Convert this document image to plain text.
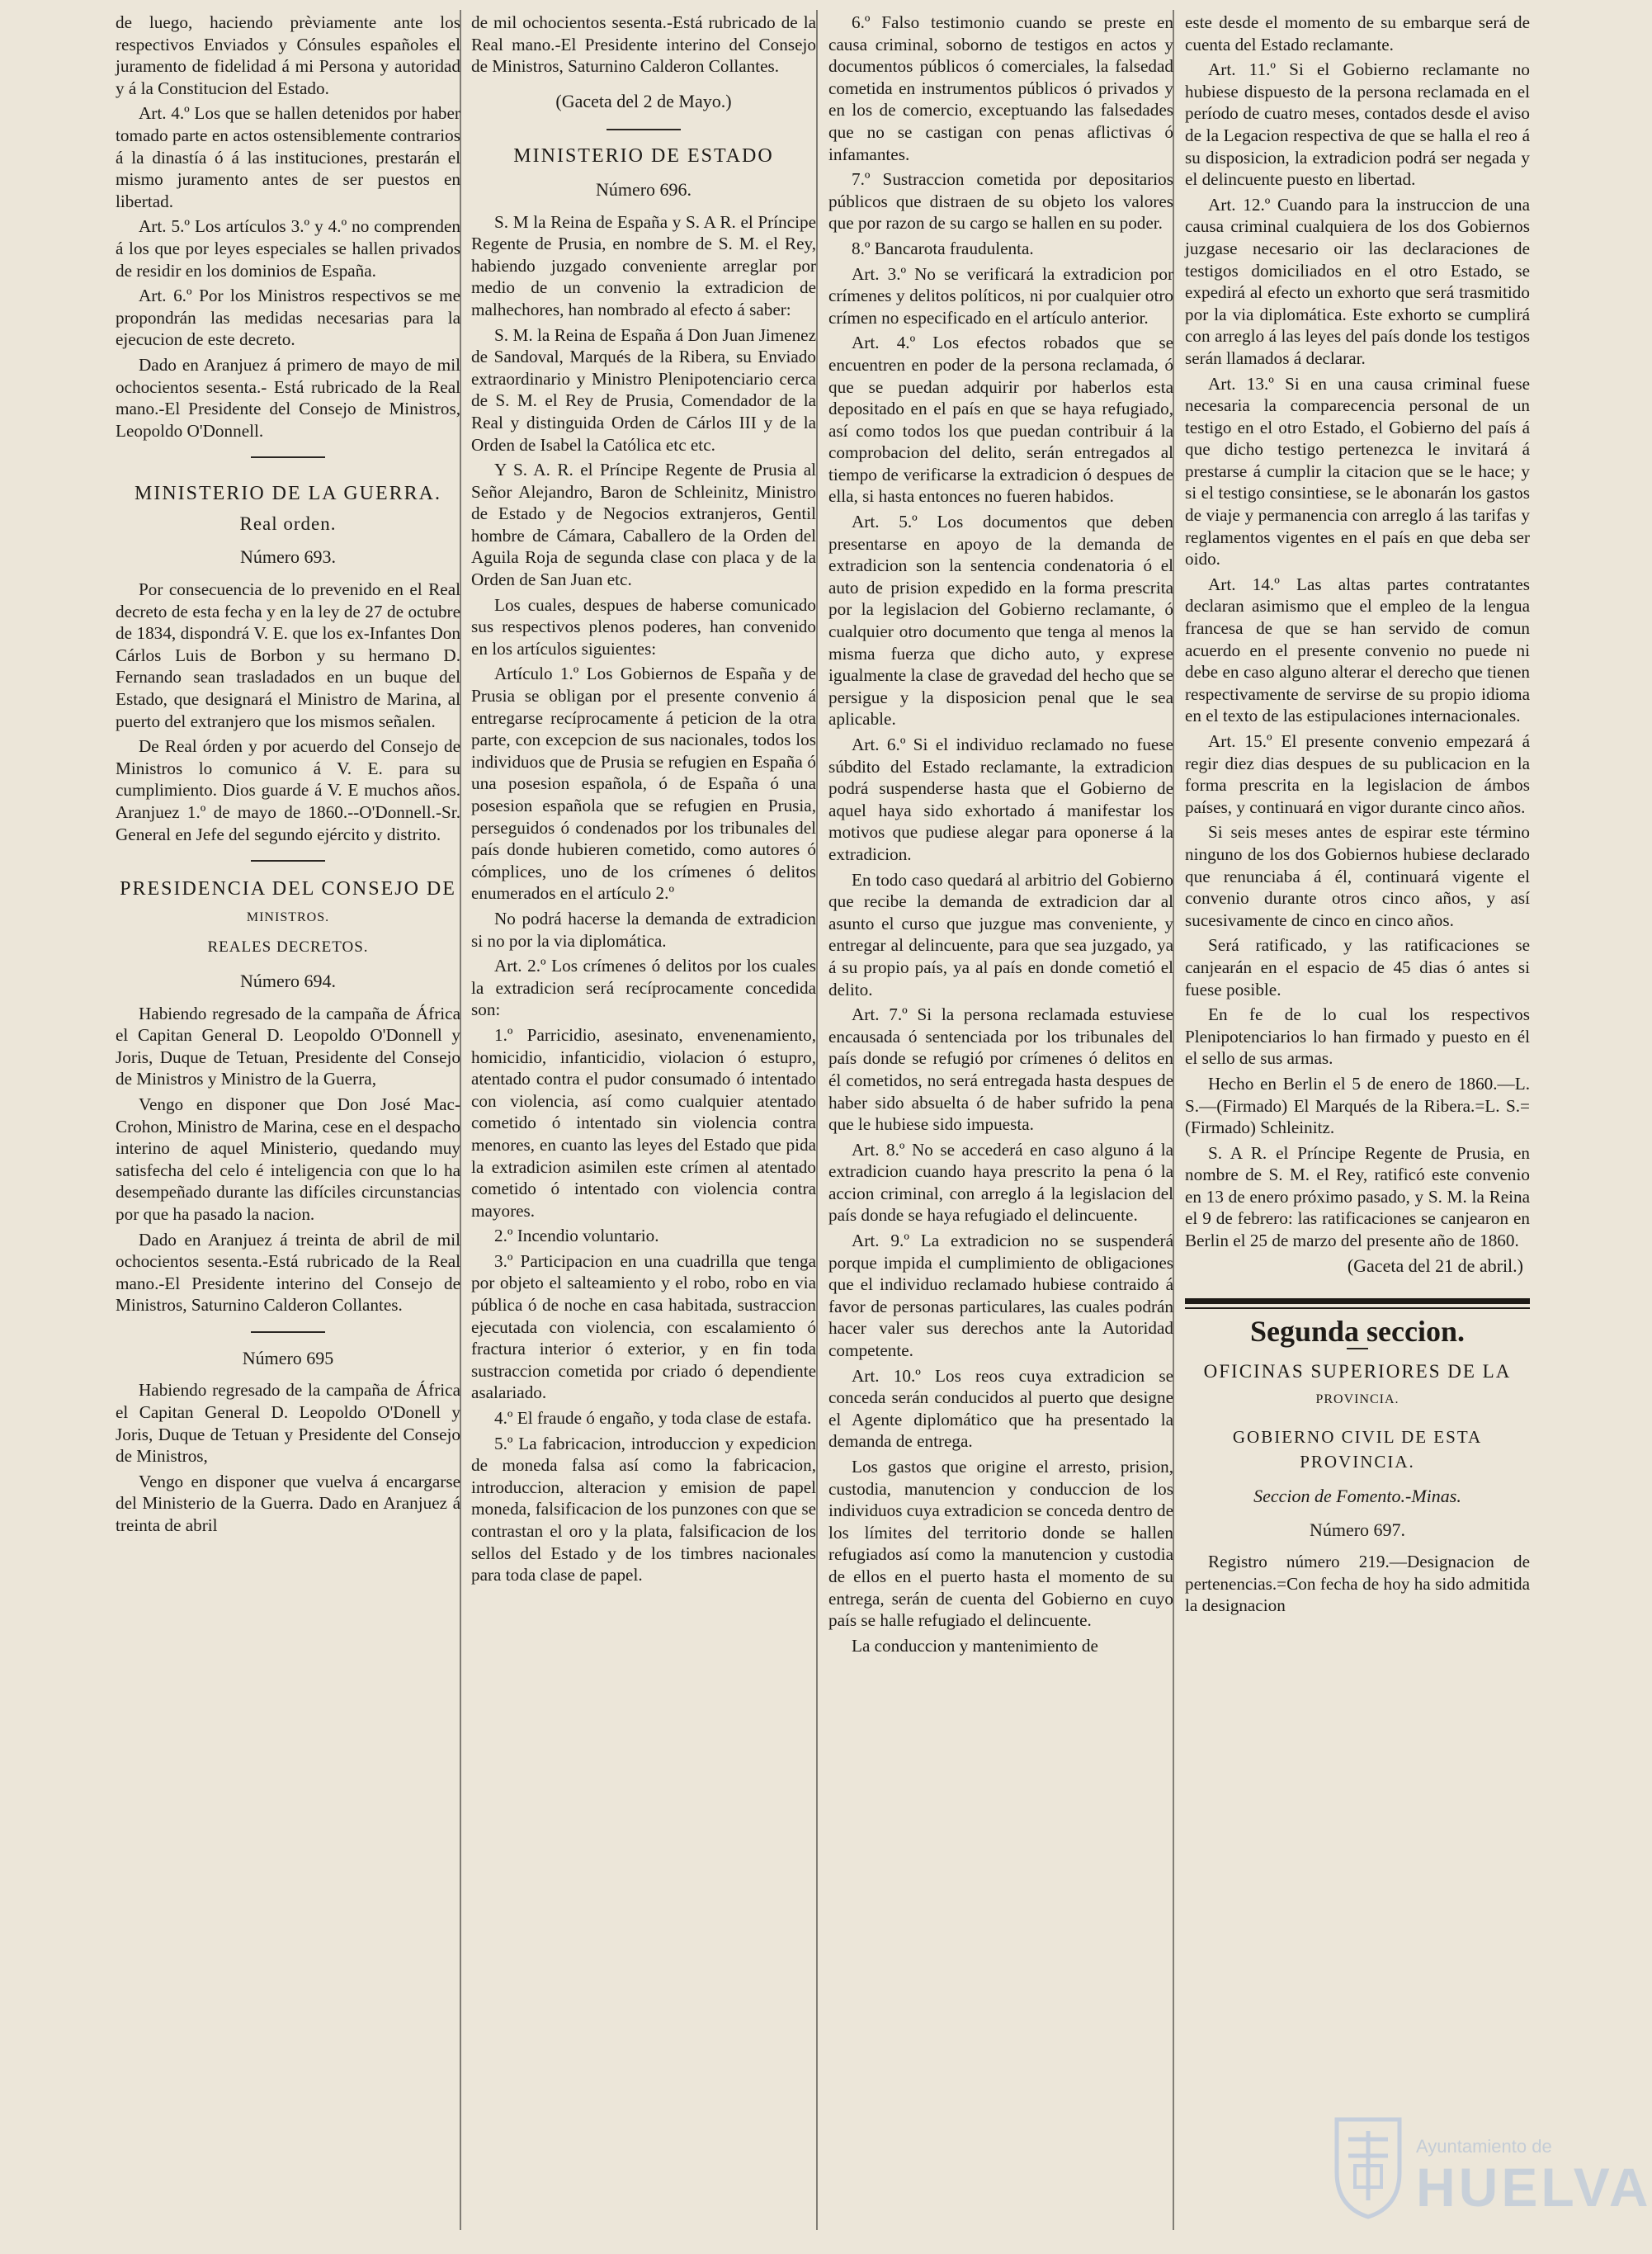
de luego, haciendo prèviamente ante los respectivos Enviados y Cónsules españoles el juramento de fidelidad á mi Persona y autoridad y á la Constitucion del Estado.

Art. 4.º Los que se hallen detenidos por haber tomado parte en actos ostensiblemente contrarios á la dinastía ó á las instituciones, prestarán el mismo juramento antes de ser puestos en libertad.

Art. 5.º Los artículos 3.º y 4.º no comprenden á los que por leyes especiales se hallen privados de residir en los dominios de España.

Art. 6.º Por los Ministros respectivos se me propondrán las medidas necesarias para la ejecucion de este decreto.

Dado en Aranjuez á primero de mayo de mil ochocientos sesenta.- Está rubricado de la Real mano.-El Presidente del Consejo de Ministros, Leopoldo O'Donnell.

MINISTERIO DE LA GUERRA.
Real orden.
Número 693.

Por consecuencia de lo prevenido en el Real decreto de esta fecha y en la ley de 27 de octubre de 1834, dispondrá V. E. que los ex-Infantes Don Cárlos Luis de Borbon y su hermano D. Fernando sean trasladados en un buque del Estado, que designará el Ministro de Marina, al puerto del extranjero que los mismos señalen.

De Real órden y por acuerdo del Consejo de Ministros lo comunico á V. E. para su cumplimiento. Dios guarde á V. E muchos años. Aranjuez 1.º de mayo de 1860.--O'Donnell.-Sr. General en Jefe del segundo ejército y distrito.

PRESIDENCIA DEL CONSEJO DE
MINISTROS.
REALES DECRETOS.
Número 694.

Habiendo regresado de la campaña de África el Capitan General D. Leopoldo O'Donnell y Joris, Duque de Tetuan, Presidente del Consejo de Ministros y Ministro de la Guerra,

Vengo en disponer que Don José Mac-Crohon, Ministro de Marina, cese en el despacho interino de aquel Ministerio, quedando muy satisfecha del celo é inteligencia con que lo ha desempeñado durante las difíciles circunstancias por que ha pasado la nacion.

Dado en Aranjuez á treinta de abril de mil ochocientos sesenta.-Está rubricado de la Real mano.-El Presidente interino del Consejo de Ministros, Saturnino Calderon Collantes.

Número 695

Habiendo regresado de la campaña de África el Capitan General D. Leopoldo O'Donell y Joris, Duque de Tetuan y Presidente del Consejo de Ministros,

Vengo en disponer que vuelva á encargarse del Ministerio de la Guerra. Dado en Aranjuez á treinta de abril

de mil ochocientos sesenta.-Está rubricado de la Real mano.-El Presidente interino del Consejo de Ministros, Saturnino Calderon Collantes.

(Gaceta del 2 de Mayo.)
MINISTERIO DE ESTADO
Número 696.

S. M la Reina de España y S. A R. el Príncipe Regente de Prusia, en nombre de S. M. el Rey, habiendo juzgado conveniente arreglar por medio de un convenio la extradicion de malhechores, han nombrado al efecto á saber:

S. M. la Reina de España á Don Juan Jimenez de Sandoval, Marqués de la Ribera, su Enviado extraordinario y Ministro Plenipotenciario cerca de S. M. el Rey de Prusia, Comendador de la Real y distinguida Orden de Cárlos III y de la Orden de Isabel la Católica etc etc.

Y S. A. R. el Príncipe Regente de Prusia al Señor Alejandro, Baron de Schleinitz, Ministro de Estado y de Negocios extranjeros, Gentil hombre de Cámara, Caballero de la Orden del Aguila Roja de segunda clase con placa y de la Orden de San Juan etc.

Los cuales, despues de haberse comunicado sus respectivos plenos poderes, han convenido en los artículos siguientes:

Artículo 1.º Los Gobiernos de España y de Prusia se obligan por el presente convenio á entregarse recíprocamente á peticion de la otra parte, con excepcion de sus nacionales, todos los individuos que de Prusia se refugien en España ó una posesion española, ó de España ó una posesion española que se refugien en Prusia, perseguidos ó condenados por los tribunales del país donde hubieren cometido, como autores ó cómplices, uno de los crímenes ó delitos enumerados en el artículo 2.º

No podrá hacerse la demanda de extradicion si no por la via diplomática.

Art. 2.º Los crímenes ó delitos por los cuales la extradicion será recíprocamente concedida son:

1.º Parricidio, asesinato, envenenamiento, homicidio, infanticidio, violacion ó estupro, atentado contra el pudor consumado ó intentado con violencia, así como cualquier atentado cometido ó intentado sin violencia contra menores, en cuanto las leyes del Estado que pida la extradicion asimilen este crímen al atentado cometido ó intentado con violencia contra mayores.

2.º Incendio voluntario.

3.º Participacion en una cuadrilla que tenga por objeto el salteamiento y el robo, robo en via pública ó de noche en casa habitada, sustraccion ejecutada con violencia, con escalamiento ó fractura interior ó exterior, y en fin toda sustraccion cometida por criado ó dependiente asalariado.

4.º El fraude ó engaño, y toda clase de estafa.

5.º La fabricacion, introduccion y expedicion de moneda falsa así como la fabricacion, introduccion, alteracion y emision de papel moneda, falsificacion de los punzones con que se contrastan el oro y la plata, falsificacion de los sellos del Estado y de los timbres nacionales para toda clase de papel.

6.º Falso testimonio cuando se preste en causa criminal, soborno de testigos en actos y documentos públicos ó comerciales, la falsedad cometida en instrumentos públicos ó privados y en los de comercio, exceptuando las falsedades que no se castigan con penas aflictivas ó infamantes.

7.º Sustraccion cometida por depositarios públicos que distraen de su objeto los valores que por razon de su cargo se hallen en su poder.

8.º Bancarota fraudulenta.

Art. 3.º No se verificará la extradicion por crímenes y delitos políticos, ni por cualquier otro crímen no especificado en el artículo anterior.

Art. 4.º Los efectos robados que se encuentren en poder de la persona reclamada, ó que se puedan adquirir por haberlos esta depositado en el país en que se haya refugiado, así como todos los que puedan contribuir á la comprobacion del delito, serán entregados al tiempo de verificarse la extradicion ó despues de ella, si hasta entonces no fueren habidos.

Art. 5.º Los documentos que deben presentarse en apoyo de la demanda de extradicion son la sentencia condenatoria ó el auto de prision expedido en la forma prescrita por la legislacion del Gobierno reclamante, ó cualquier otro documento que tenga al menos la misma fuerza que dicho auto, y exprese igualmente la clase de gravedad del hecho que se persigue y la disposicion penal que le sea aplicable.

Art. 6.º Si el individuo reclamado no fuese súbdito del Estado reclamante, la extradicion podrá suspenderse hasta que el Gobierno de aquel haya sido exhortado á manifestar los motivos que pudiese alegar para oponerse á la extradicion.

En todo caso quedará al arbitrio del Gobierno que recibe la demanda de extradicion dar al asunto el curso que juzgue mas conveniente, y entregar al delincuente, para que sea juzgado, ya á su propio país, ya al país en donde cometió el delito.

Art. 7.º Si la persona reclamada estuviese encausada ó sentenciada por los tribunales del país donde se refugió por crímenes ó delitos en él cometidos, no será entregada hasta despues de haber sido absuelta ó de haber sufrido la pena que le hubiese sido impuesta.

Art. 8.º No se accederá en caso alguno á la extradicion cuando haya prescrito la pena ó la accion criminal, con arreglo á la legislacion del país donde se haya refugiado el delincuente.

Art. 9.º La extradicion no se suspenderá porque impida el cumplimiento de obligaciones que el individuo reclamado hubiese contraido á favor de personas particulares, las cuales podrán hacer valer sus derechos ante la Autoridad competente.

Art. 10.º Los reos cuya extradicion se conceda serán conducidos al puerto que designe el Agente diplomático que ha presentado la demanda de entrega.

Los gastos que origine el arresto, prision, custodia, manutencion y conduccion de los individuos cuya extradicion se conceda dentro de los límites del territorio donde se hallen refugiados así como la manutencion y custodia de ellos en el puerto hasta el momento de su entrega, serán de cuenta del Gobierno en cuyo país se halle refugiado el delincuente.

La conduccion y mantenimiento de

este desde el momento de su embarque será de cuenta del Estado reclamante.

Art. 11.º Si el Gobierno reclamante no hubiese dispuesto de la persona reclamada en el período de cuatro meses, contados desde el aviso de la Legacion respectiva de que se halla el reo á su disposicion, la extradicion podrá ser negada y el delincuente puesto en libertad.

Art. 12.º Cuando para la instruccion de una causa criminal cualquiera de los dos Gobiernos juzgase necesario oir las declaraciones de testigos domiciliados en el otro Estado, se expedirá al efecto un exhorto que será trasmitido por la via diplomática. Este exhorto se cumplirá con arreglo á las leyes del país donde los testigos serán llamados á declarar.

Art. 13.º Si en una causa criminal fuese necesaria la comparecencia personal de un testigo en el otro Estado, el Gobierno del país á que dicho testigo pertenezca le invitará á prestarse á cumplir la citacion que se le hace; y si el testigo consintiese, se le abonarán los gastos de viaje y permanencia con arreglo á las tarifas y reglamentos vigentes en el país en que deba ser oido.

Art. 14.º Las altas partes contratantes declaran asimismo que el empleo de la lengua francesa de que se han servido de comun acuerdo en el presente convenio no puede ni debe en caso alguno alterar el derecho que tienen respectivamente de servirse de su propio idioma en el texto de las estipulaciones internacionales.

Art. 15.º El presente convenio empezará á regir diez dias despues de su publicacion en la forma prescrita en la legislacion de ámbos países, y continuará en vigor durante cinco años.

Si seis meses antes de espirar este término ninguno de los dos Gobiernos hubiese declarado que renunciaba á él, continuará vigente el convenio durante otros cinco años, y así sucesivamente de cinco en cinco años.

Será ratificado, y las ratificaciones se canjearán en el espacio de 45 dias ó antes si fuese posible.

En fe de lo cual los respectivos Plenipotenciarios lo han firmado y puesto en él el sello de sus armas.

Hecho en Berlin el 5 de enero de 1860.—L. S.—(Firmado) El Marqués de la Ribera.=L. S.=(Firmado) Schleinitz.

S. A R. el Príncipe Regente de Prusia, en nombre de S. M. el Rey, ratificó este convenio en 13 de enero próximo pasado, y S. M. la Reina el 9 de febrero: las ratificaciones se canjearon en Berlin el 25 de marzo del presente año de 1860.

(Gaceta del 21 de abril.)
Segunda seccion.
OFICINAS SUPERIORES DE LA
PROVINCIA.
GOBIERNO CIVIL DE ESTA PROVINCIA.
Seccion de Fomento.-Minas.
Número 697.

Registro número 219.—Designacion de pertenencias.=Con fecha de hoy ha sido admitida la designacion

Ayuntamiento de
HUELVA
